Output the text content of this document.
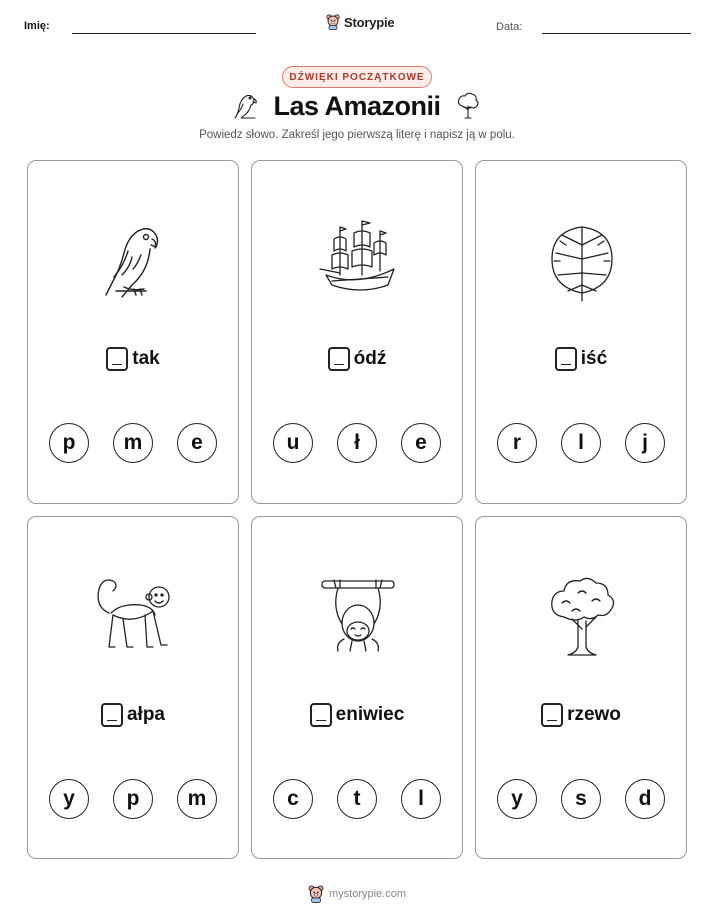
Imię:	Storypie	Data:
DŹWIĘKI POCZĄTKOWE
Las Amazonii
Powiedz słowo. Zakreśl jego pierwszą literę i napisz ją w polu.
tak
p	m	e
ódź
u	ł	e
iść
r	l	j
ałpa
y	p	m
eniwiec
c	t	l
rzewo
y	s	d
mystorypie.com
